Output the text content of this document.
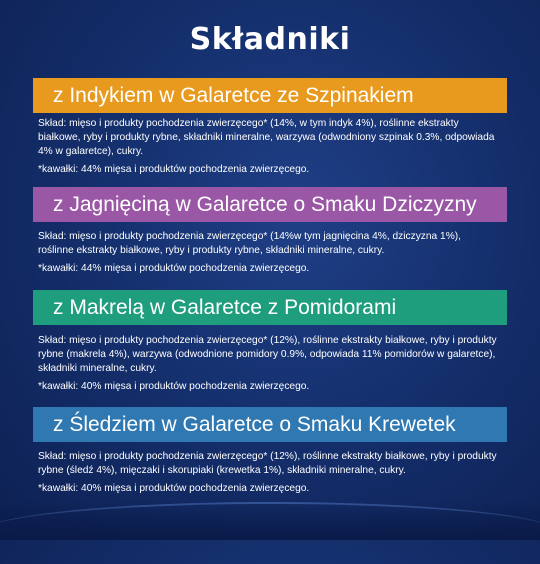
Składniki
z Indykiem w Galaretce ze Szpinakiem

Skład: mięso i produkty pochodzenia zwierzęcego* (14%, w tym indyk 4%), roślinne ekstrakty białkowe, ryby i produkty rybne, składniki mineralne, warzywa (odwodniony szpinak 0.3%, odpowiada 4% w galaretce), cukry.

*kawałki: 44% mięsa i produktów pochodzenia zwierzęcego.

z Jagnięciną w Galaretce o Smaku Dziczyzny

Skład: mięso i produkty pochodzenia zwierzęcego* (14%w tym jagnięcina 4%, dziczyzna 1%), roślinne ekstrakty białkowe, ryby i produkty rybne, składniki mineralne, cukry.

*kawałki: 44% mięsa i produktów pochodzenia zwierzęcego.

z Makrelą w Galaretce z Pomidorami

Skład: mięso i produkty pochodzenia zwierzęcego* (12%), roślinne ekstrakty białkowe, ryby i produkty rybne (makrela 4%), warzywa (odwodnione pomidory 0.9%, odpowiada 11% pomidorów w galaretce), składniki mineralne, cukry.

*kawałki: 40% mięsa i produktów pochodzenia zwierzęcego.

z Śledziem w Galaretce o Smaku Krewetek

Skład: mięso i produkty pochodzenia zwierzęcego* (12%), roślinne ekstrakty białkowe, ryby i produkty rybne (śledź 4%), mięczaki i skorupiaki (krewetka 1%), składniki mineralne, cukry.

*kawałki: 40% mięsa i produktów pochodzenia zwierzęcego.
